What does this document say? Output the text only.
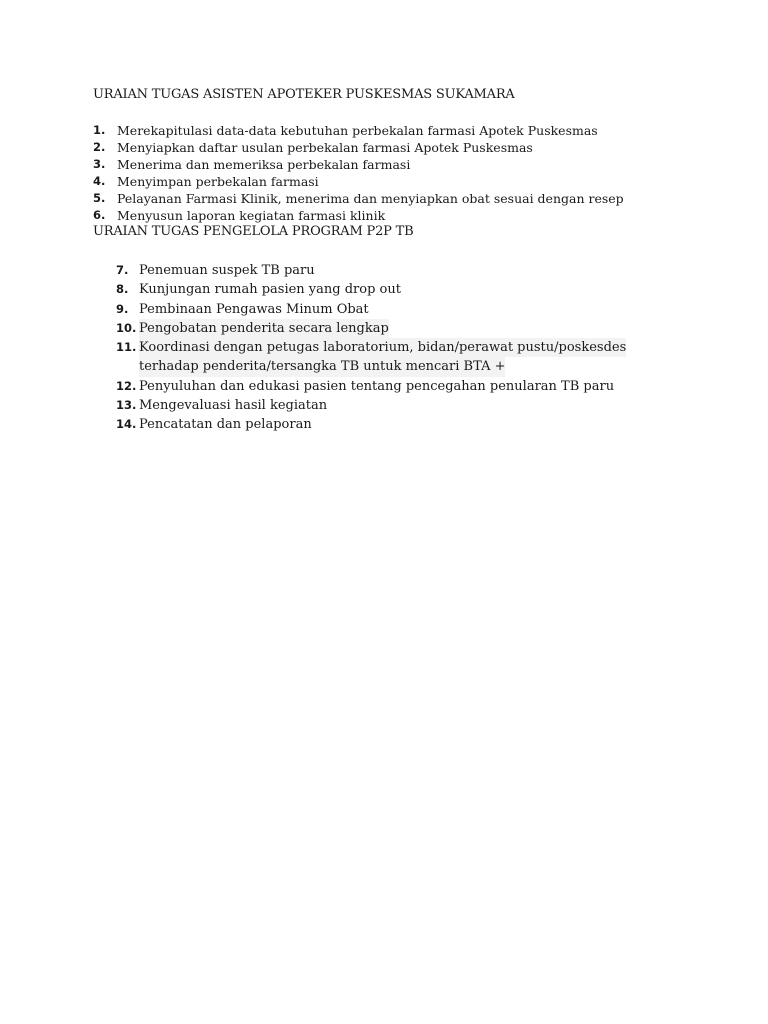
URAIAN TUGAS ASISTEN APOTEKER PUSKESMAS SUKAMARA
1. Merekapitulasi data-data kebutuhan perbekalan farmasi Apotek Puskesmas
2. Menyiapkan daftar usulan perbekalan farmasi Apotek Puskesmas
3. Menerima dan memeriksa perbekalan farmasi
4. Menyimpan perbekalan farmasi
5. Pelayanan Farmasi Klinik, menerima dan menyiapkan obat sesuai dengan resep
6. Menyusun laporan kegiatan farmasi klinik
URAIAN TUGAS PENGELOLA PROGRAM P2P TB
7. Penemuan suspek TB paru
8. Kunjungan rumah pasien yang drop out
9. Pembinaan Pengawas Minum Obat
10. Pengobatan penderita secara lengkap
11. Koordinasi dengan petugas laboratorium, bidan/perawat pustu/poskesdes
terhadap penderita/tersangka TB untuk mencari BTA +
12. Penyuluhan dan edukasi pasien tentang pencegahan penularan TB paru
13. Mengevaluasi hasil kegiatan
14. Pencatatan dan pelaporan
